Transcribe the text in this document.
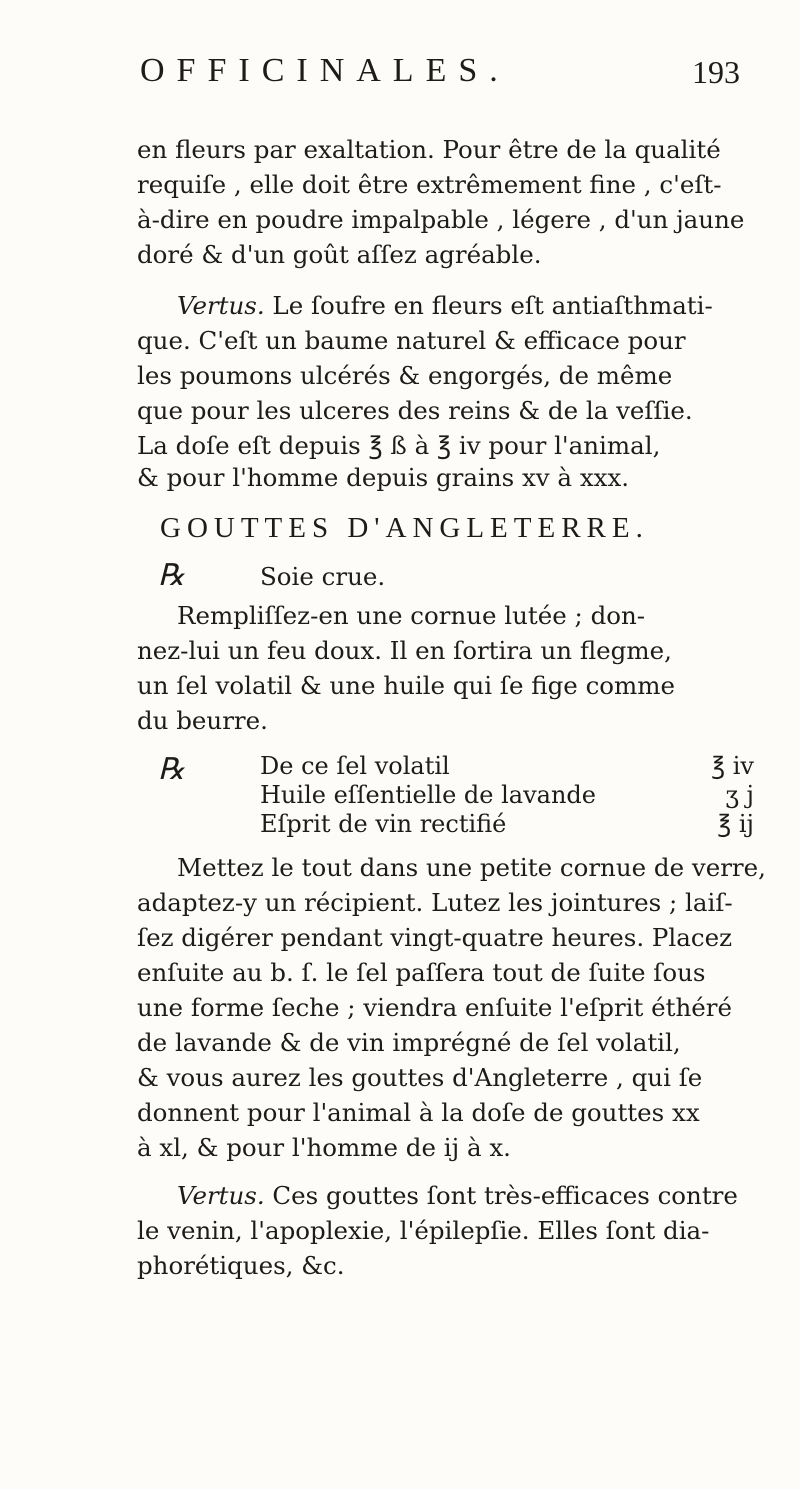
OFFICINALES.	193
en fleurs par exaltation. Pour être de la qualité
requiſe , elle doit être extrêmement fine , c'eſt-
à-dire en poudre impalpable , légere , d'un jaune
doré & d'un goût aſſez agréable.
Vertus. Le ſoufre en fleurs eſt antiaſthmati-
que. C'eſt un baume naturel & efficace pour
les poumons ulcérés & engorgés, de même
que pour les ulceres des reins & de la veſſie.
La doſe eſt depuis ℥ ß à ℥ iv pour l'animal,
& pour l'homme depuis grains xv à xxx.
GOUTTES D'ANGLETERRE.
℞	Soie crue.
Rempliſſez-en une cornue lutée ; don-
nez-lui un feu doux. Il en ſortira un flegme,
un ſel volatil & une huile qui ſe fige comme
du beurre.
℞	De ce ſel volatil	℥ iv
Huile eſſentielle de lavande	ʒ j
Eſprit de vin rectifié	℥ ij
Mettez le tout dans une petite cornue de verre,
adaptez-y un récipient. Lutez les jointures ; laiſ-
ſez digérer pendant vingt-quatre heures. Placez
enſuite au b. ſ. le ſel paſſera tout de ſuite ſous
une forme ſeche ; viendra enſuite l'eſprit éthéré
de lavande & de vin imprégné de ſel volatil,
& vous aurez les gouttes d'Angleterre , qui ſe
donnent pour l'animal à la doſe de gouttes xx
à xl, & pour l'homme de ij à x.
Vertus. Ces gouttes ſont très-efficaces contre
le venin, l'apoplexie, l'épilepſie. Elles ſont dia-
phorétiques, &c.
